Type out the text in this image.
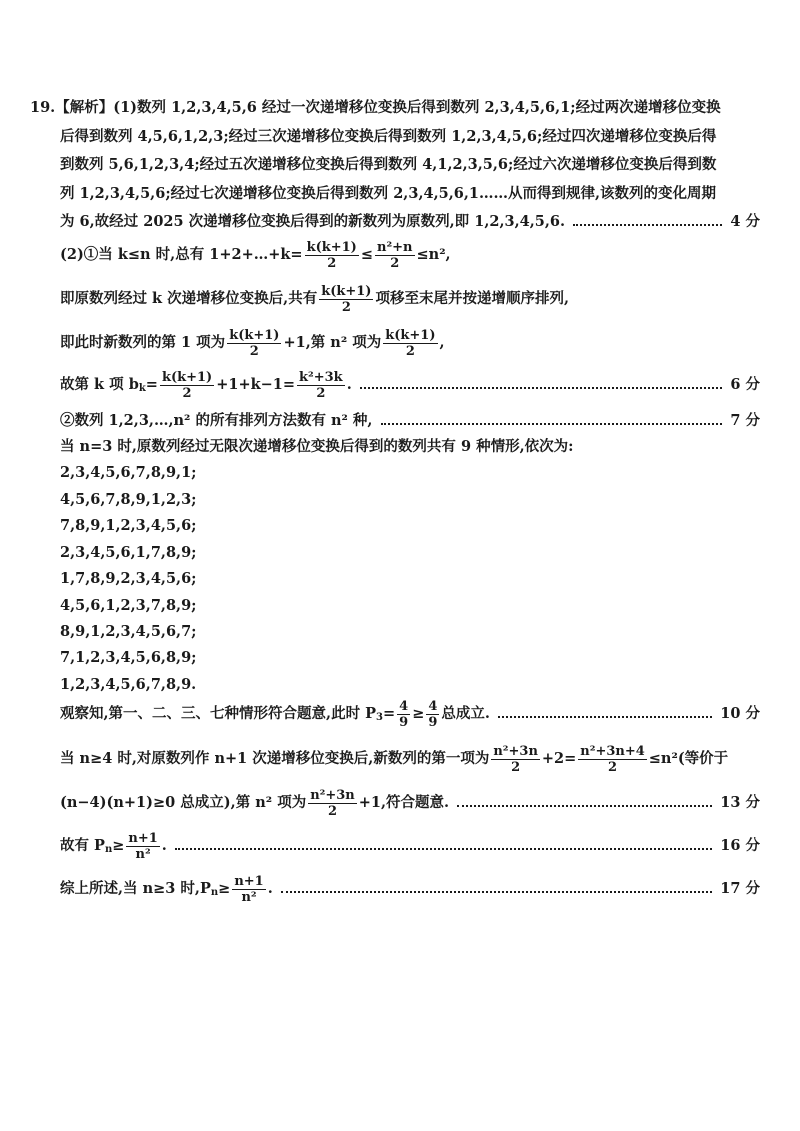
19. 【解析】 (1)数列 1,2,3,4,5,6 经过一次递增移位变换后得到数列 2,3,4,5,6,1;经过两次递增移位变换
后得到数列 4,5,6,1,2,3;经过三次递增移位变换后得到数列 1,2,3,4,5,6;经过四次递增移位变换后得
到数列 5,6,1,2,3,4;经过五次递增移位变换后得到数列 4,1,2,3,5,6;经过六次递增移位变换后得到数
列 1,2,3,4,5,6;经过七次递增移位变换后得到数列 2,3,4,5,6,1……从而得到规律,该数列的变化周期
为 6,故经过 2025 次递增移位变换后得到的新数列为原数列,即 1,2,3,4,5,6.	4 分
(2)①当 k≤n 时,总有 1+2+…+k= $\frac{k(k+1)}{2} \le \frac{\text{n²+n}}{2} \le n^2$,
即原数列经过 k 次递增移位变换后,共有 $\frac{k(k+1)}{2}$ 项移至末尾并按递增顺序排列,
即此时新数列的第 1 项为 $\frac{k(k+1)}{2} +1$,第 n² 项为 $\frac{k(k+1)}{2}$ ,
故第 k 项 b $k = \frac{k(k+1)}{2} +1+k-1= \frac{\text{k²+3k}}{2}$ .	6 分
②数列 1,2,3,…,n² 的所有排列方法数有 n² 种,	7 分
当 n=3 时,原数列经过无限次递增移位变换后得到的数列共有 9 种情形,依次为:
2,3,4,5,6,7,8,9,1;
4,5,6,7,8,9,1,2,3;
7,8,9,1,2,3,4,5,6;
2,3,4,5,6,1,7,8,9;
1,7,8,9,2,3,4,5,6;
4,5,6,1,2,3,7,8,9;
8,9,1,2,3,4,5,6,7;
7,1,2,3,4,5,6,8,9;
1,2,3,4,5,6,7,8,9.
观察知,第一、二、三、七种情形符合题意,此时 P $3 = \frac{4}{9} \ge \frac{4}{9}$ 总成立.	10 分
当 n≥4 时,对原数列作 n+1 次递增移位变换后,新数列的第一项为 $\frac{\text{n²+3n}}{2} +2= \frac{\text{n²+3n+4}}{2} \le n^2$(等价于
(n−4)(n+1)≥0 总成立),第 n² 项为 $\frac{\text{n²+3n}}{2} +1$,符合题意.	13 分
故有 P $n \ge \frac{n+1}{\text{n²}}$ .	16 分
综上所述,当 n≥3 时,P $n \ge \frac{n+1}{\text{n²}}$ .	17 分
